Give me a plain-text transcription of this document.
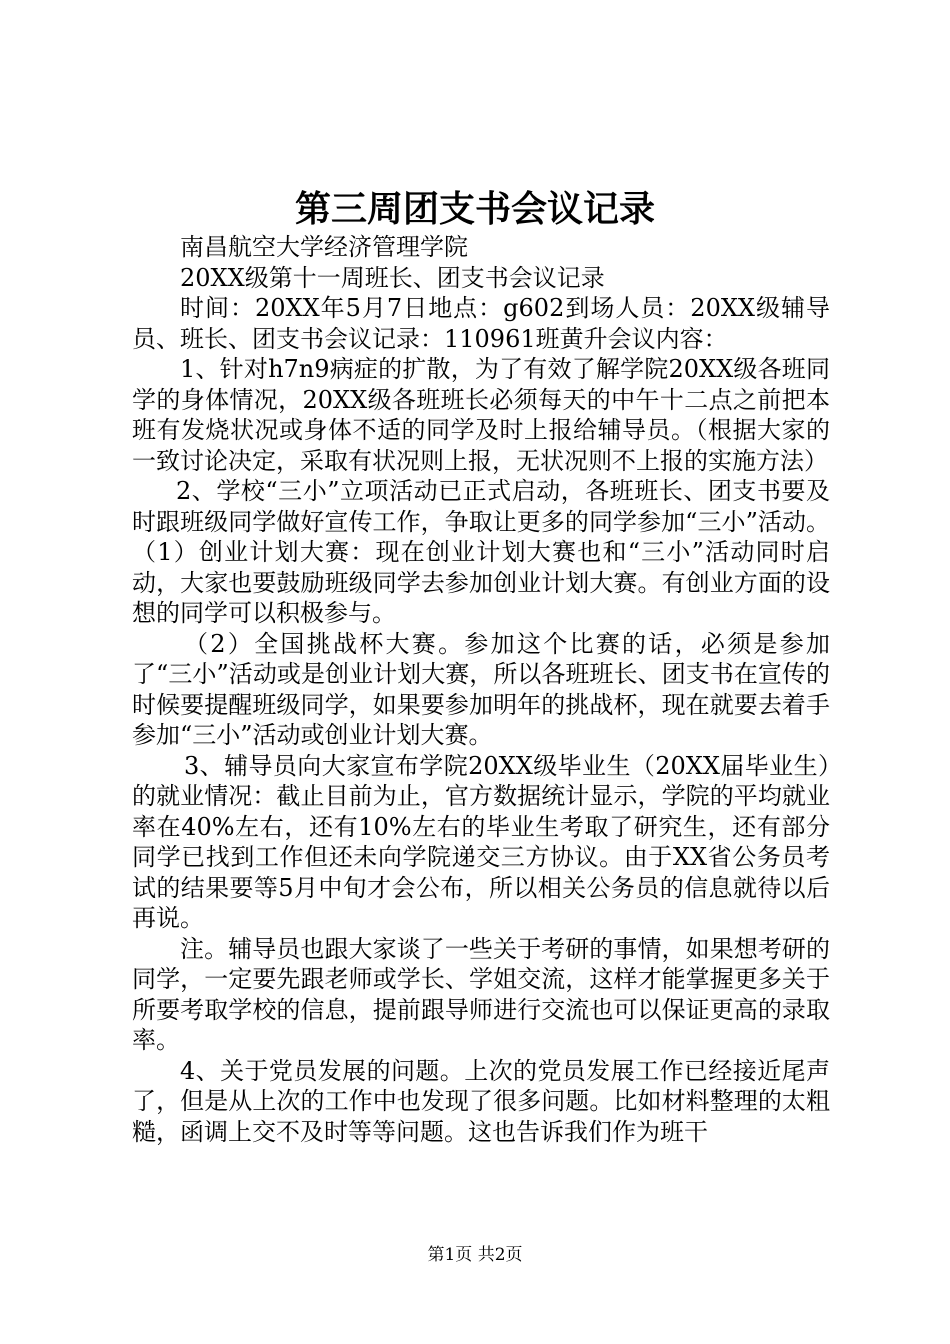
第三周团支书会议记录

南昌航空大学经济管理学院

20XX级第十一周班长、团支书会议记录

时间：20XX年5月7日地点：g602到场人员：20XX级辅导员、班长、团支书会议记录：110961班黄升会议内容：

1、针对h7n9病症的扩散，为了有效了解学院20XX级各班同学的身体情况，20XX级各班班长必须每天的中午十二点之前把本班有发烧状况或身体不适的同学及时上报给辅导员。（根据大家的一致讨论决定，采取有状况则上报，无状况则不上报的实施方法）

2、学校“三小”立项活动已正式启动，各班班长、团支书要及时跟班级同学做好宣传工作，争取让更多的同学参加“三小”活动。（1）创业计划大赛：现在创业计划大赛也和“三小”活动同时启动，大家也要鼓励班级同学去参加创业计划大赛。有创业方面的设想的同学可以积极参与。

（2）全国挑战杯大赛。参加这个比赛的话，必须是参加了“三小”活动或是创业计划大赛，所以各班班长、团支书在宣传的时候要提醒班级同学，如果要参加明年的挑战杯，现在就要去着手参加“三小”活动或创业计划大赛。

3、辅导员向大家宣布学院20XX级毕业生（20XX届毕业生）的就业情况：截止目前为止，官方数据统计显示，学院的平均就业率在40%左右，还有10%左右的毕业生考取了研究生，还有部分同学已找到工作但还未向学院递交三方协议。由于XX省公务员考试的结果要等5月中旬才会公布，所以相关公务员的信息就待以后再说。

注。辅导员也跟大家谈了一些关于考研的事情，如果想考研的同学，一定要先跟老师或学长、学姐交流，这样才能掌握更多关于所要考取学校的信息，提前跟导师进行交流也可以保证更高的录取率。

4、关于党员发展的问题。上次的党员发展工作已经接近尾声了，但是从上次的工作中也发现了很多问题。比如材料整理的太粗糙，函调上交不及时等等问题。这也告诉我们作为班干

第1页 共2页
